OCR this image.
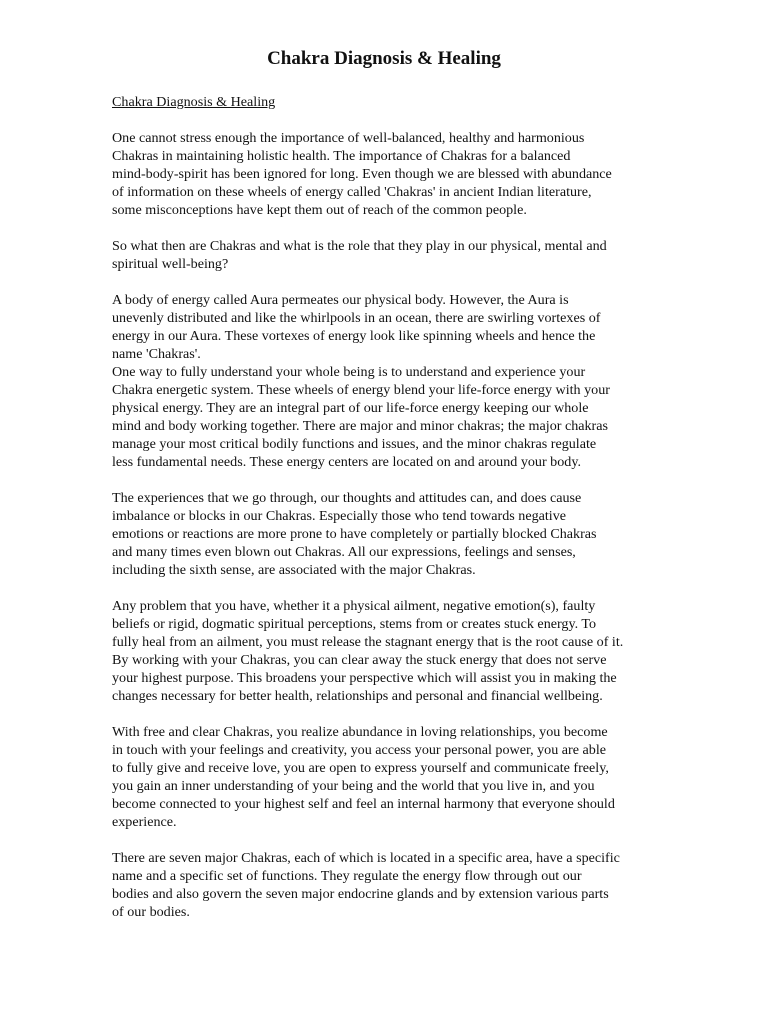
Chakra Diagnosis & Healing

Chakra Diagnosis & Healing

One cannot stress enough the importance of well-balanced, healthy and harmonious
Chakras in maintaining holistic health. The importance of Chakras for a balanced
mind-body-spirit has been ignored for long. Even though we are blessed with abundance
of information on these wheels of energy called 'Chakras' in ancient Indian literature,
some misconceptions have kept them out of reach of the common people.

So what then are Chakras and what is the role that they play in our physical, mental and
spiritual well-being?

A body of energy called Aura permeates our physical body. However, the Aura is
unevenly distributed and like the whirlpools in an ocean, there are swirling vortexes of
energy in our Aura. These vortexes of energy look like spinning wheels and hence the
name 'Chakras'.

One way to fully understand your whole being is to understand and experience your
Chakra energetic system. These wheels of energy blend your life-force energy with your
physical energy. They are an integral part of our life-force energy keeping our whole
mind and body working together. There are major and minor chakras; the major chakras
manage your most critical bodily functions and issues, and the minor chakras regulate
less fundamental needs. These energy centers are located on and around your body.

The experiences that we go through, our thoughts and attitudes can, and does cause
imbalance or blocks in our Chakras. Especially those who tend towards negative
emotions or reactions are more prone to have completely or partially blocked Chakras
and many times even blown out Chakras. All our expressions, feelings and senses,
including the sixth sense, are associated with the major Chakras.

Any problem that you have, whether it a physical ailment, negative emotion(s), faulty
beliefs or rigid, dogmatic spiritual perceptions, stems from or creates stuck energy. To
fully heal from an ailment, you must release the stagnant energy that is the root cause of it.
By working with your Chakras, you can clear away the stuck energy that does not serve
your highest purpose. This broadens your perspective which will assist you in making the
changes necessary for better health, relationships and personal and financial wellbeing.

With free and clear Chakras, you realize abundance in loving relationships, you become
in touch with your feelings and creativity, you access your personal power, you are able
to fully give and receive love, you are open to express yourself and communicate freely,
you gain an inner understanding of your being and the world that you live in, and you
become connected to your highest self and feel an internal harmony that everyone should
experience.

There are seven major Chakras, each of which is located in a specific area, have a specific
name and a specific set of functions. They regulate the energy flow through out our
bodies and also govern the seven major endocrine glands and by extension various parts
of our bodies.
